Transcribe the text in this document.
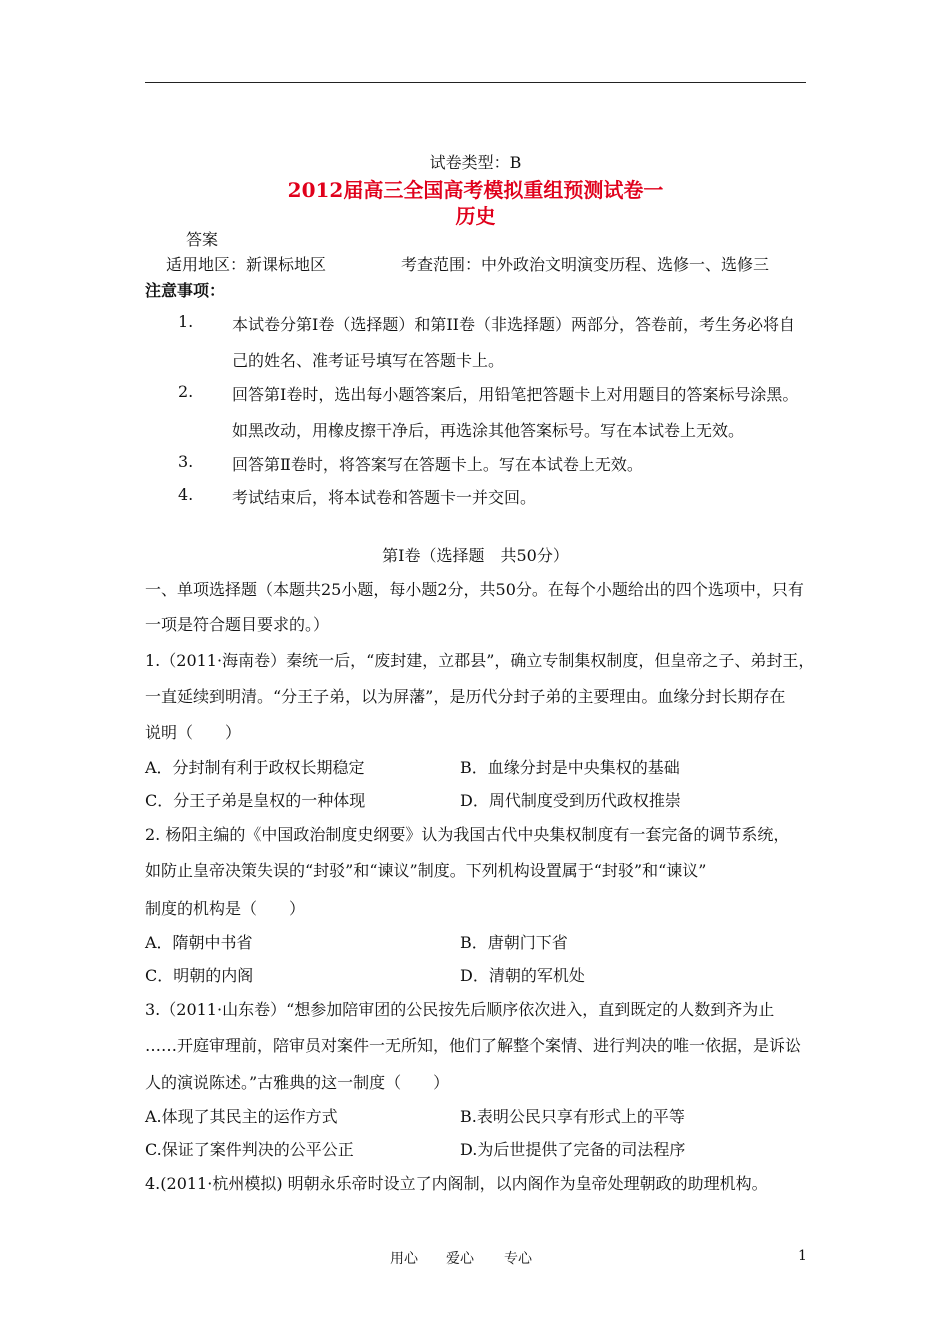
试卷类型：B
2012届高三全国高考模拟重组预测试卷一
历史
答案
适用地区：新课标地区	考查范围：中外政治文明演变历程、选修一、选修三
注意事项：
1. 本试卷分第Ⅰ卷（选择题）和第II卷（非选择题）两部分，答卷前，考生务必将自
己的姓名、准考证号填写在答题卡上。
2. 回答第Ⅰ卷时，选出每小题答案后，用铅笔把答题卡上对用题目的答案标号涂黑。
如黑改动，用橡皮擦干净后，再选涂其他答案标号。写在本试卷上无效。
3. 回答第Ⅱ卷时，将答案写在答题卡上。写在本试卷上无效。
4. 考试结束后，将本试卷和答题卡一并交回。
第Ⅰ卷（选择题　共50分）
一、单项选择题（本题共25小题，每小题2分，共50分。在每个小题给出的四个选项中，只有
一项是符合题目要求的。）
1.（2011·海南卷）秦统一后，“废封建，立郡县”，确立专制集权制度，但皇帝之子、弟封王，
一直延续到明清。“分王子弟，以为屏藩”，是历代分封子弟的主要理由。血缘分封长期存在
说明（　　）
A．分封制有利于政权长期稳定	B．血缘分封是中央集权的基础
C．分王子弟是皇权的一种体现	D．周代制度受到历代政权推崇
2. 杨阳主编的《中国政治制度史纲要》认为我国古代中央集权制度有一套完备的调节系统，
如防止皇帝决策失误的“封驳”和“谏议”制度。下列机构设置属于“封驳”和“谏议”
制度的机构是（　　）
A．隋朝中书省	B．唐朝门下省
C．明朝的内阁	D．清朝的军机处
3.（2011·山东卷）“想参加陪审团的公民按先后顺序依次进入，直到既定的人数到齐为止
……开庭审理前，陪审员对案件一无所知，他们了解整个案情、进行判决的唯一依据，是诉讼
人的演说陈述。”古雅典的这一制度（　　）
A.体现了其民主的运作方式	B.表明公民只享有形式上的平等
C.保证了案件判决的公平公正	D.为后世提供了完备的司法程序
4.(2011·杭州模拟) 明朝永乐帝时设立了内阁制，以内阁作为皇帝处理朝政的助理机构。
用心 爱心 专心	1
